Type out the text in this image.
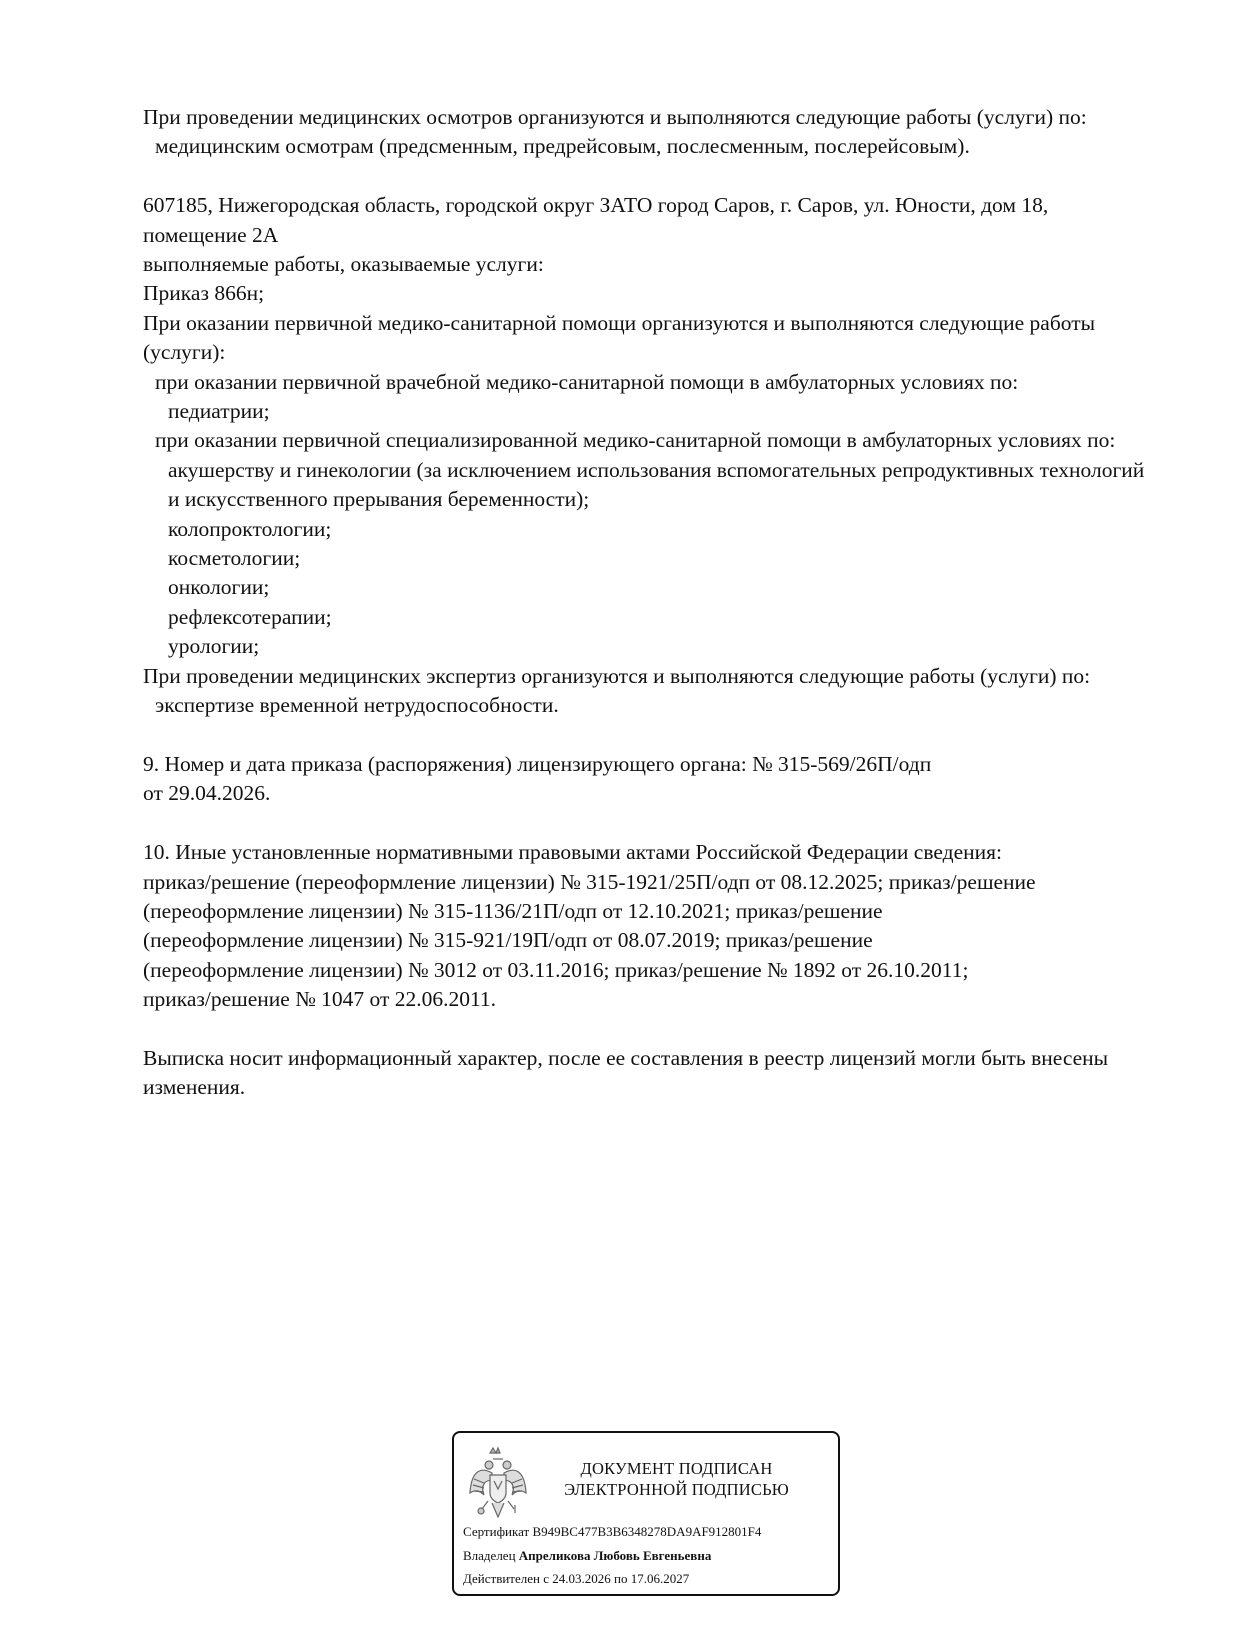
При проведении медицинских осмотров организуются и выполняются следующие работы (услуги) по:

медицинским осмотрам (предсменным, предрейсовым, послесменным, послерейсовым).

607185, Нижегородская область, городской округ ЗАТО город Саров, г. Саров, ул. Юности, дом 18, помещение 2А

выполняемые работы, оказываемые услуги:

Приказ 866н;

При оказании первичной медико-санитарной помощи организуются и выполняются следующие работы (услуги):

при оказании первичной врачебной медико-санитарной помощи в амбулаторных условиях по:

педиатрии;

при оказании первичной специализированной медико-санитарной помощи в амбулаторных условиях по:

акушерству и гинекологии (за исключением использования вспомогательных репродуктивных технологий и искусственного прерывания беременности);

колопроктологии;

косметологии;

онкологии;

рефлексотерапии;

урологии;

При проведении медицинских экспертиз организуются и выполняются следующие работы (услуги) по:

экспертизе временной нетрудоспособности.

9. Номер и дата приказа (распоряжения) лицензирующего органа: № 315-569/26П/одп

от 29.04.2026.

10. Иные установленные нормативными правовыми актами Российской Федерации сведения:

приказ/решение (переоформление лицензии) № 315-1921/25П/одп от 08.12.2025; приказ/решение

(переоформление лицензии) № 315-1136/21П/одп от 12.10.2021; приказ/решение

(переоформление лицензии) № 315-921/19П/одп от 08.07.2019; приказ/решение

(переоформление лицензии) № 3012 от 03.11.2016; приказ/решение № 1892 от 26.10.2011;

приказ/решение № 1047 от 22.06.2011.

Выписка носит информационный характер, после ее составления в реестр лицензий могли быть внесены изменения.

ДОКУМЕНТ ПОДПИСАН
ЭЛЕКТРОННОЙ ПОДПИСЬЮ
Сертификат B949BC477B3B6348278DA9AF912801F4
Владелец Апреликова Любовь Евгеньевна
Действителен с 24.03.2026 по 17.06.2027
